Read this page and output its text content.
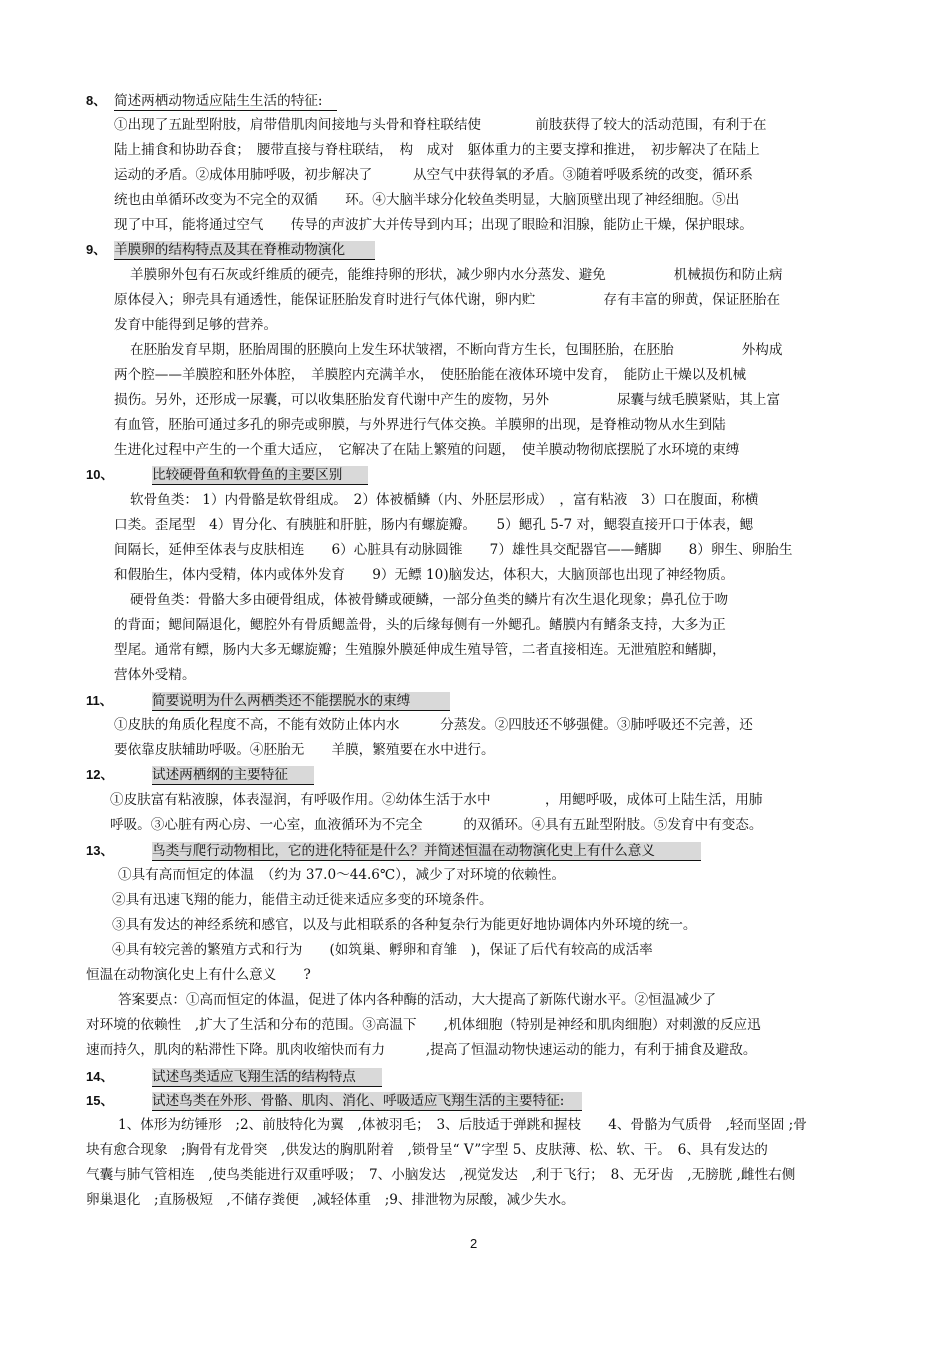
8、 简述两栖动物适应陆生生活的特征:
①出现了五趾型附肢，肩带借肌肉间接地与头骨和脊柱联结使　　　　前肢获得了较大的活动范围，有利于在
陆上捕食和协助吞食；　腰带直接与脊柱联结，　构　成对　躯体重力的主要支撑和推进，　初步解决了在陆上
运动的矛盾。②成体用肺呼吸，初步解决了　　　从空气中获得氧的矛盾。③随着呼吸系统的改变，循环系
统也由单循环改变为不完全的双循　　环。④大脑半球分化较鱼类明显，大脑顶壁出现了神经细胞。⑤出
现了中耳，能将通过空气　　传导的声波扩大并传导到内耳；出现了眼睑和泪腺，能防止干燥，保护眼球。
9、 羊膜卵的结构特点及其在脊椎动物演化
羊膜卵外包有石灰或纤维质的硬壳，能维持卵的形状，减少卵内水分蒸发、避免　　　　　机械损伤和防止病
原体侵入；卵壳具有通透性，能保证胚胎发育时进行气体代谢，卵内贮　　　　　存有丰富的卵黄，保证胚胎在
发育中能得到足够的营养。
在胚胎发育早期，胚胎周围的胚膜向上发生环状皱褶，不断向背方生长，包围胚胎，在胚胎　　　　　外构成
两个腔——羊膜腔和胚外体腔，　羊膜腔内充满羊水，　使胚胎能在液体环境中发育，　能防止干燥以及机械
损伤。另外，还形成一尿囊，可以收集胚胎发育代谢中产生的废物，另外　　　　　尿囊与绒毛膜紧贴，其上富
有血管，胚胎可通过多孔的卵壳或卵膜，与外界进行气体交换。羊膜卵的出现，是脊椎动物从水生到陆
生进化过程中产生的一个重大适应，　它解决了在陆上繁殖的问题，　使羊膜动物彻底摆脱了水环境的束缚
10、	比较硬骨鱼和软骨鱼的主要区别
软骨鱼类： 1）内骨骼是软骨组成。　2）体被楯鳞（内、外胚层形成）　，富有粘液　3）口在腹面，称横
口类。歪尾型　4）胃分化、有胰脏和肝脏，肠内有螺旋瓣。　　5）鳃孔 5-7 对，鳃裂直接开口于体表，鳃
间隔长，延伸至体表与皮肤相连　　6）心脏具有动脉圆锥　　7）雄性具交配器官——鳍脚　　8）卵生、卵胎生
和假胎生，体内受精，体内或体外发育　　9）无鳔 10)脑发达，体积大，大脑顶部也出现了神经物质。
硬骨鱼类：骨骼大多由硬骨组成，体被骨鳞或硬鳞，一部分鱼类的鳞片有次生退化现象；鼻孔位于吻
的背面；鳃间隔退化，鳃腔外有骨质鳃盖骨，头的后缘每侧有一外鳃孔。鳍膜内有鳍条支持，大多为正
型尾。通常有鳔，肠内大多无螺旋瓣；生殖腺外膜延伸成生殖导管，二者直接相连。无泄殖腔和鳍脚，
营体外受精。
11、	简要说明为什么两栖类还不能摆脱水的束缚
①皮肤的角质化程度不高，不能有效防止体内水　　　分蒸发。②四肢还不够强健。③肺呼吸还不完善，还
要依靠皮肤辅助呼吸。④胚胎无　　羊膜，繁殖要在水中进行。
12、	试述两栖纲的主要特征
①皮肤富有粘液腺，体表湿润，有呼吸作用。②幼体生活于水中　　　　，用鳃呼吸，成体可上陆生活，用肺
呼吸。③心脏有两心房、一心室，血液循环为不完全　　　的双循环。④具有五趾型附肢。⑤发育中有变态。
13、	鸟类与爬行动物相比，它的进化特征是什么？并简述恒温在动物演化史上有什么意义
①具有高而恒定的体温　（约为 37.0～44.6℃），减少了对环境的依赖性。
②具有迅速飞翔的能力，能借主动迁徙来适应多变的环境条件。
③具有发达的神经系统和感官，以及与此相联系的各种复杂行为能更好地协调体内外环境的统一。
④具有较完善的繁殖方式和行为　　(如筑巢、孵卵和育雏　)，保证了后代有较高的成活率
恒温在动物演化史上有什么意义　　?
答案要点：①高而恒定的体温，促进了体内各种酶的活动，大大提高了新陈代谢水平。②恒温减少了
对环境的依赖性　,扩大了生活和分布的范围。③高温下　　,机体细胞（特别是神经和肌肉细胞）对刺激的反应迅
速而持久，肌肉的粘滞性下降。肌肉收缩快而有力　　　,提高了恒温动物快速运动的能力，有利于捕食及避敌。
14、	试述鸟类适应飞翔生活的结构特点
15、	试述鸟类在外形、骨骼、肌肉、消化、呼吸适应飞翔生活的主要特征:
1、体形为纺锤形　;2、前肢特化为翼　,体被羽毛；　3、后肢适于弹跳和握枝　　4、骨骼为气质骨　,轻而坚固 ;骨
块有愈合现象　;胸骨有龙骨突　,供发达的胸肌附着　,锁骨呈“ V”字型 5、皮肤薄、松、软、干。　6、具有发达的
气囊与肺气管相连　,使鸟类能进行双重呼吸；　7、小脑发达　,视觉发达　,利于飞行；　8、无牙齿　,无膀胱 ,雌性右侧
卵巢退化　;直肠极短　,不储存粪便　,减轻体重　;9、排泄物为尿酸，减少失水。
2
